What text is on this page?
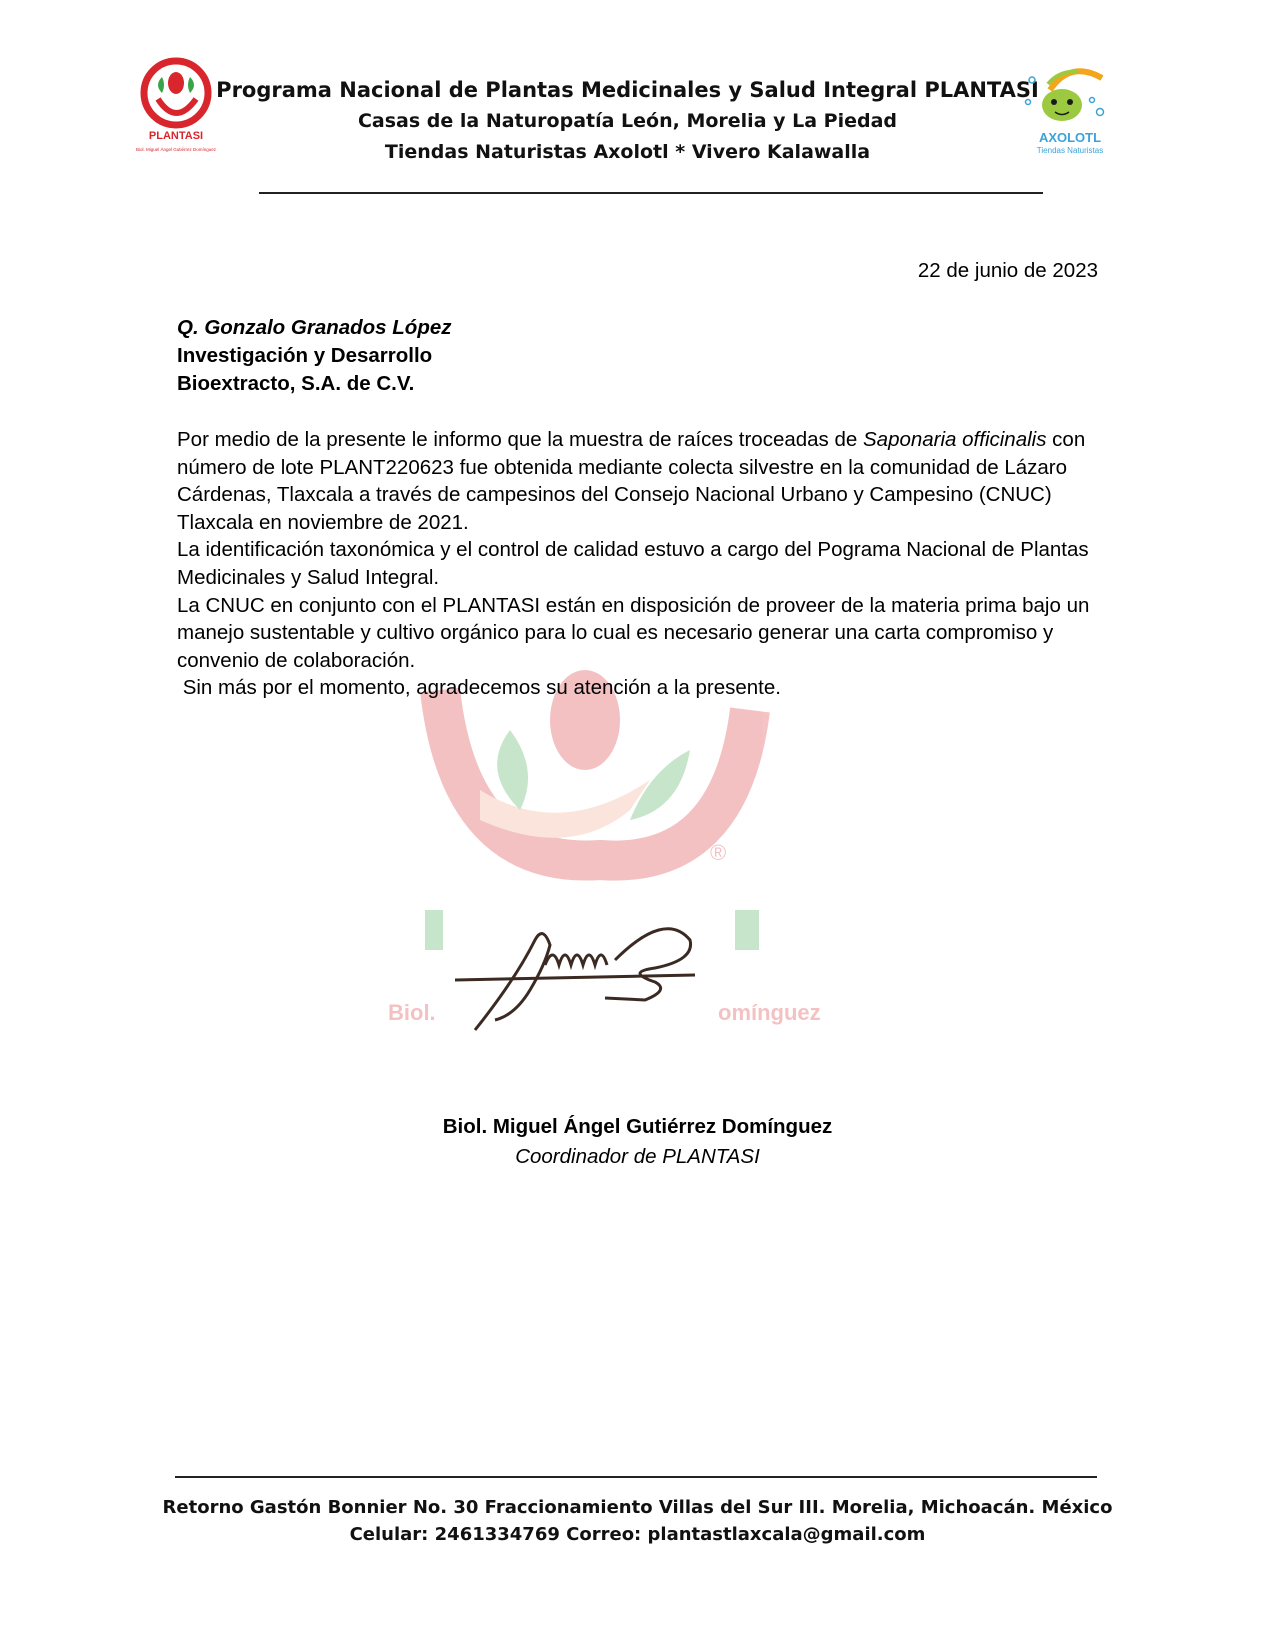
PLANTASI
Biol. Miguel Ángel Gutiérrez Domínguez
Programa Nacional de Plantas Medicinales y Salud Integral PLANTASI
Casas de la Naturopatía León, Morelia y La Piedad
Tiendas Naturistas Axolotl * Vivero Kalawalla
AXOLOTL
Tiendas Naturistas
®
Biol.	omínguez
22 de junio de 2023
Q. Gonzalo Granados López
Investigación y Desarrollo
Bioextracto, S.A. de C.V.

Por medio de la presente le informo que la muestra de raíces troceadas de Saponaria officinalis con número de lote PLANT220623 fue obtenida mediante colecta silvestre en la comunidad de Lázaro Cárdenas, Tlaxcala a través de campesinos del Consejo Nacional Urbano y Campesino (CNUC) Tlaxcala en noviembre de 2021.

La identificación taxonómica y el control de calidad estuvo a cargo del Pograma Nacional de Plantas Medicinales y Salud Integral.

La CNUC en conjunto con el PLANTASI están en disposición de proveer de la materia prima bajo un manejo sustentable y cultivo orgánico para lo cual es necesario generar una carta compromiso y convenio de colaboración.

Sin más por el momento, agradecemos su atención a la presente.

Biol. Miguel Ángel Gutiérrez Domínguez
Coordinador de PLANTASI
Retorno Gastón Bonnier No. 30 Fraccionamiento Villas del Sur III. Morelia, Michoacán. México
Celular: 2461334769 Correo: plantastlaxcala@gmail.com
